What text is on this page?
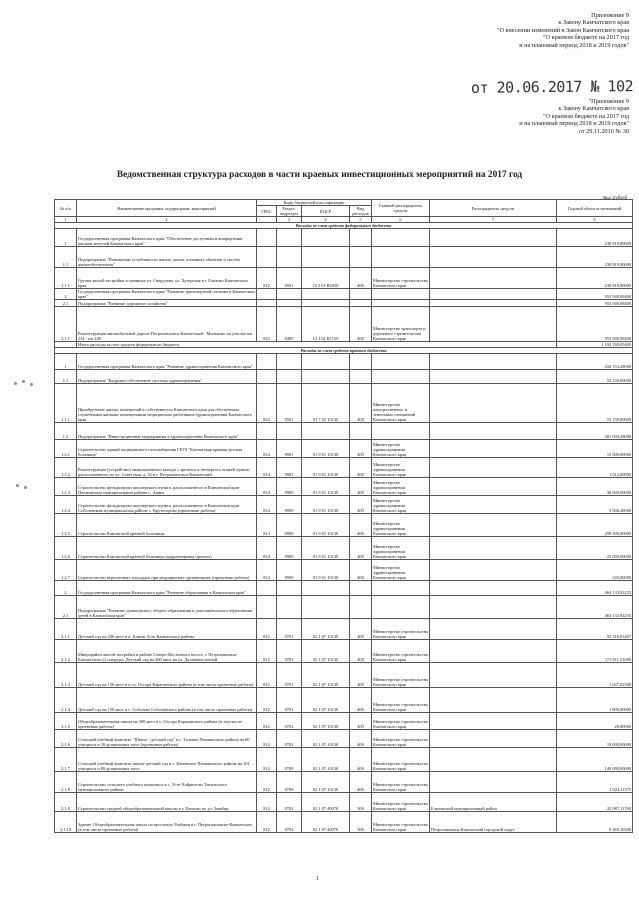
Приложение 9
к Закону Камчатского края
"О внесении изменений в Закон Камчатского края
"О краевом бюджете на 2017 год
и на плановый период 2018 и 2019 годов"
от 20.06.2017 № 102
"Приложение 9
к Закону Камчатского края
"О краевом бюджете на 2017 год
и на плановый период 2018 и 2019 годов"
от 29.11.2016 № 30
Ведомственная структура расходов в части краевых инвестиционных мероприятий на 2017 год
тыс.рублей
№ п/п	Наименование программ, подпрограмм, мероприятий	Коды бюджетной классификации				Главный распорядитель средств	Распорядитель средств	Годовой объем ассигнований
		ГРБС	Раздел, подраздел	КЦСР	Вид расходов			
1	2		3	4	5	6	7	9
Расходы за счет средств федерального бюджета								
1	Государственная программа Камчатского края "Обеспечение доступным и комфортным жильем жителей Камчатского края"							238 819,80000
1.1	Подпрограмма "Повышение устойчивости жилых домов, основных объектов и систем жизнеобеспечения"							238 819,80000
1.1.1	Группа жилой застройки в границах ул. Свердлова, ул. Хутерская в г. Елизово Камчатского края	812	0501	10 2 01 R1050	400	Министерство строительства Камчатского края		238 819,80000
2	Государственная программа Камчатского края "Развитие транспортной системы в Камчатском крае"							953 940,08400
2.1	Подпрограмма "Развитие дорожного хозяйства"							953 940,08400
2.1.1	Реконструкция автомобильной дороги Петропавловск-Камчатский - Мильково на участке км 231 - км 249	823	0409	12 1 02 R1150	400	Министерство транспорта и дорожного строительства Камчатского края		953 940,08400
	Итого расходы за счет средств федерального бюджета							1 192 760,05400
Расходы за счет средств краевого бюджета								
1	Государственная программа Камчатского края "Развитие здравоохранения Камчатского края"							434 153,28000
1.1	Подпрограмма "Кадровое обеспечение системы здравоохранения"							53 150,00000
1.1.1	Приобретение жилых помещений в собственность Камчатского края для обеспечения служебными жилыми помещениями медицинских работников здравоохранения Камчатского края	822	0501	01 7 02 10130	400	Министерство имущественных и земельных отношений Камчатского края		53 150,00000
1.2	Подпрограмма "Инвестиционные мероприятия в здравоохранении Камчатского края"							381 003,28000
1.2.1	Строительство зданий медицинского газоснабжения ГБУЗ "Камчатская краевая детская больница"	814	0901	01 9 01 10130	400	Министерство здравоохранения Камчатского края		15 000,00000
1.2.2	Реконструкция (устройство) эвакуационного выхода с третьего и четвертого этажей здания, расположенного по ул. Советская, д. 32 в г. Петропавловск-Камчатский	814	0902	01 9 01 10130	400	Министерство здравоохранения Камчатского края		1 612,00000
1.2.3	Строительство фельдшерско-акушерского пункта, расположенного в Камчатском крае Пенжинском муниципальном районе с. Аянка	814	0909	01 9 01 10130	400	Министерство здравоохранения Камчатского края		36 600,00000
1.2.4	Строительство фельдшерско-акушерского пункта, расположенного в Камчатском крае Соболевском муниципальном районе с. Крутогорово (проектные работы)	814	0909	01 9 01 10130	400	Министерство здравоохранения Камчатского края		3 946,28000
1.2.5	Строительство Камчатской краевой больницы	814	0909	01 9 01 10130	400	Министерство здравоохранения Камчатского края		299 300,00000
1.2.6	Строительство Камчатской краевой больницы (корректировка проекта)	814	0909	01 9 01 10130	400	Министерство здравоохранения Камчатского края		25 000,00000
1.2.7	Строительство вертолетных площадок при медицинских организациях (проектные работы)	814	0909	01 9 01 10130	400	Министерство здравоохранения Камчатского края		245,00000
2	Государственная программа Камчатского края "Развитие образования в Камчатском крае"							464 133,92235
2.1	Подпрограмма "Развитие дошкольного, общего образования и дополнительного образования детей в Камчатском крае"							464 133,92235
2.1.1	Детский сад на 200 мест в п. Ключи Усть-Камчатского района	812	0701	02 1 07 10130	400	Министерство строительства Камчатского края		93 316,81467
2.1.2	Микрорайон жилой застройки в районе Северо-Восточного шоссе, г. Петропавловск-Камчатского (2 очередь). Детский сад на 260 мест на ул. Дальневосточной	812	0701	02 1 07 10130	400	Министерство строительства Камчатского края		173 811,51000
2.1.3	Детский сад на 150 мест в п.г.т. Оссора Карагинского района (в том числе проектные работы)	812	0701	02 1 07 10130	400	Министерство строительства Камчатского края		1 047,02500
2.1.4	Детский сад на 150 мест в с. Соболево Соболевского района (в том числе проектные работы)	812	0701	02 1 07 10130	400	Министерство строительства Камчатского края		1 800,00000
2.1.5	Общеобразовательная школа на 300 мест в с. Оссора Карагинского района (в том числе проектные работы)	812	0702	02 1 07 10130	400	Министерство строительства Камчатского края		20,00000
2.1.6	Сельский учебный комплекс "Школа - детский сад" в с. Таловка Пенжинского района на 60 учащихся и 30 дошкольных мест (проектные работы)	812	0702	02 1 07 10130	400	Министерство строительства Камчатского края		19 000,00000
2.1.7	Сельский учебный комплекс школа-детский сад в с. Каменское Пенжинского района на 161 учащихся и 80 дошкольных мест	812	0709	02 1 07 10130	400	Министерство строительства Камчатского края		140 000,00000
2.1.8	Строительство сельского учебного комплекса в с. Усть-Хайрюзово Тигильского муниципального района	812	0709	02 1 07 10130	400	Министерство строительства Камчатского края		1 924,11375
2.1.9	Строительство средней общеобразовательной школы в г. Елизово по ул. Завойко	812	0702	02 1 07 40070	500	Министерство строительства Камчатского края	Елизовский муниципальный район	22 987,11760
2.1.10	Здание. Общеобразовательная школа по проспекту Рыбаков в г. Петропавловске-Камчатском (в том числе проектные работы)	812	0702	02 1 07 40070	500	Министерство строительства Камчатского края	Петропавловск-Камчатский городской округ	9 265,36500
1
